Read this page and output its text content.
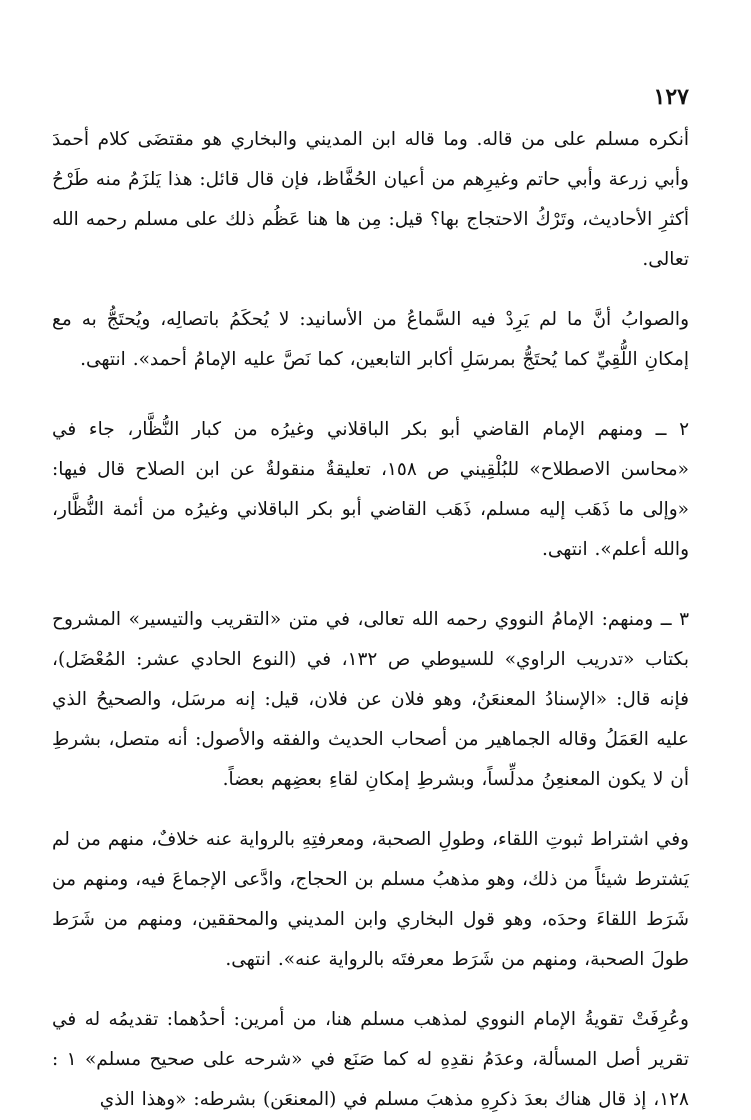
١٢٧

أنكره مسلم على من قاله. وما قاله ابن المديني والبخاري هو مقتضَى كلام أحمدَ وأبي زرعة وأبي حاتم وغيرِهم من أعيان الحُفَّاظ، فإن قال قائل: هذا يَلزَمُ منه طَرْحُ أكثرِ الأحاديث، وتَرْكُ الاحتجاج بها؟ قيل: مِن ها هنا عَظُم ذلك على مسلم رحمه الله تعالى.

والصوابُ أنَّ ما لم يَرِدْ فيه السَّماعُ من الأسانيد: لا يُحكَمُ باتصالِه، ويُحتَجُّ به مع إمكانِ اللُّقِيِّ كما يُحتَجُّ بمرسَلِ أكابر التابعين، كما نَصَّ عليه الإمامُ أحمد». انتهى.

٢ ــ ومنهم الإمام القاضي أبو بكر الباقلاني وغيرُه من كبار النُّظَّار، جاء في «محاسن الاصطلاح» للبُلْقِيني ص ١٥٨، تعليقةٌ منقولةٌ عن ابن الصلاح قال فيها: «وإلى ما ذَهَب إليه مسلم، ذَهَب القاضي أبو بكر الباقلاني وغيرُه من أئمة النُّظَّار، والله أعلم». انتهى.

٣ ــ ومنهم: الإمامُ النووي رحمه الله تعالى، في متن «التقريب والتيسير» المشروح بكتاب «تدريب الراوي» للسيوطي ص ١٣٢، في (النوع الحادي عشر: المُعْضَل)، فإنه قال: «الإسنادُ المعنعَنُ، وهو فلان عن فلان، قيل: إنه مرسَل، والصحيحُ الذي عليه العَمَلُ وقاله الجماهير من أصحاب الحديث والفقه والأصول: أنه متصل، بشرطِ أن لا يكون المعنعِنُ مدلِّساً، وبشرطِ إمكانِ لقاءِ بعضِهم بعضاً.

وفي اشتراط ثبوتِ اللقاء، وطولِ الصحبة، ومعرفتِهِ بالرواية عنه خلافٌ، منهم من لم يَشترط شيئاً من ذلك، وهو مذهبُ مسلم بن الحجاج، وادَّعى الإجماعَ فيه، ومنهم من شَرَط اللقاءَ وحدَه، وهو قول البخاري وابن المديني والمحققين، ومنهم من شَرَط طولَ الصحبة، ومنهم من شَرَط معرفتَه بالرواية عنه». انتهى.

وعُرِفَتْ تقويةُ الإمام النووي لمذهب مسلم هنا، من أمرين: أحدُهما: تقديمُه له في تقرير أصل المسألة، وعدَمُ نقدِهِ له كما صَنَع في «شرحه على صحيح مسلم» ١ : ١٢٨، إذ قال هناك بعدَ ذكرِهِ مذهبَ مسلم في (المعنعَن) بشرطه: «وهذا الذي
